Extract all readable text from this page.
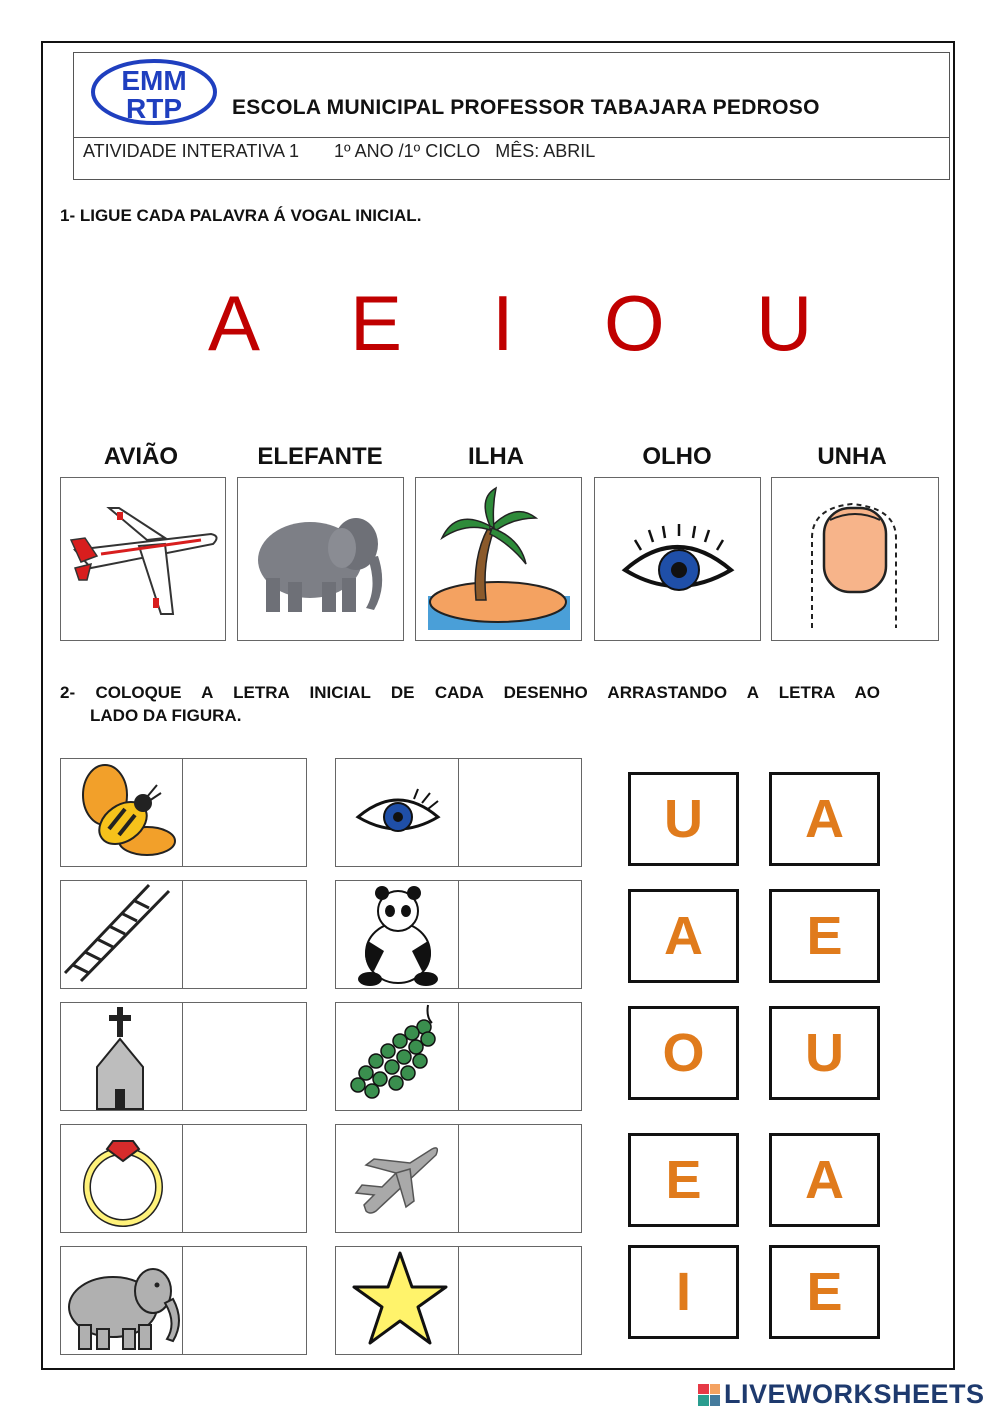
EMM
RTP ESCOLA MUNICIPAL PROFESSOR TABAJARA PEDROSO
ATIVIDADE INTERATIVA 1       1º ANO /1º CICLO   MÊS: ABRIL
1- LIGUE CADA PALAVRA Á VOGAL INICIAL.
A E I O U
AVIÃO	ELEFANTE	ILHA	OLHO	UNHA
2- COLOQUE A LETRA INICIAL DE CADA DESENHO ARRASTANDO A LETRA AO
LADO DA FIGURA.
U	A
A	E
O	U
E	A
I	E
LIVEWORKSHEETS
